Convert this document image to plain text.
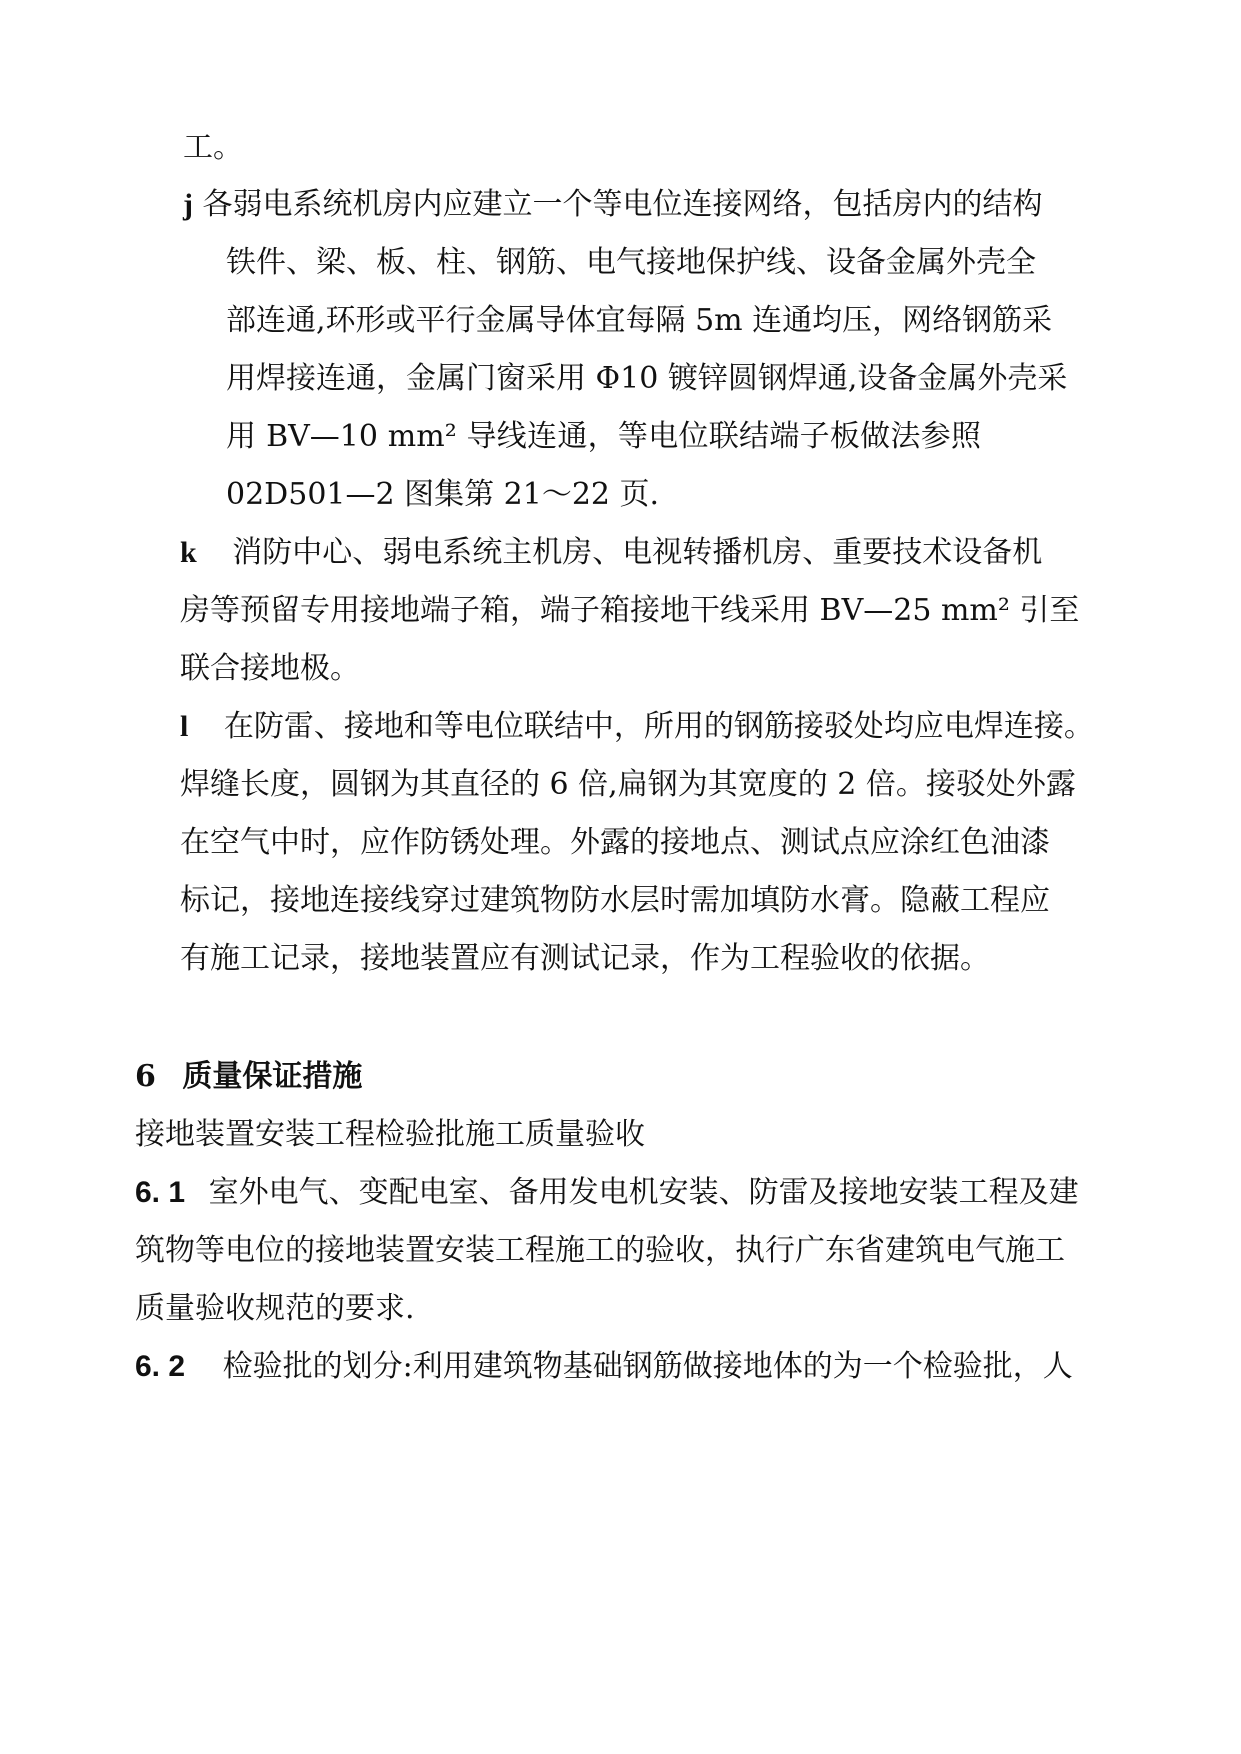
工。
j 各弱电系统机房内应建立一个等电位连接网络，包括房内的结构
铁件、梁、板、柱、钢筋、电气接地保护线、设备金属外壳全
部连通,环形或平行金属导体宜每隔 5m 连通均压，网络钢筋采
用焊接连通，金属门窗采用 Φ10 镀锌圆钢焊通,设备金属外壳采
用 BV—10 mm² 导线连通，等电位联结端子板做法参照
02D501—2 图集第 21～22 页.
k 消防中心、弱电系统主机房、电视转播机房、重要技术设备机
房等预留专用接地端子箱，端子箱接地干线采用 BV—25 mm² 引至
联合接地极。
l 在防雷、接地和等电位联结中，所用的钢筋接驳处均应电焊连接。
焊缝长度，圆钢为其直径的 6 倍,扁钢为其宽度的 2 倍。接驳处外露
在空气中时，应作防锈处理。外露的接地点、测试点应涂红色油漆
标记，接地连接线穿过建筑物防水层时需加填防水膏。隐蔽工程应
有施工记录，接地装置应有测试记录，作为工程验收的依据。
6 质量保证措施
接地装置安装工程检验批施工质量验收
6. 1 室外电气、变配电室、备用发电机安装、防雷及接地安装工程及建
筑物等电位的接地装置安装工程施工的验收，执行广东省建筑电气施工
质量验收规范的要求.
6. 2 检验批的划分:利用建筑物基础钢筋做接地体的为一个检验批，人
